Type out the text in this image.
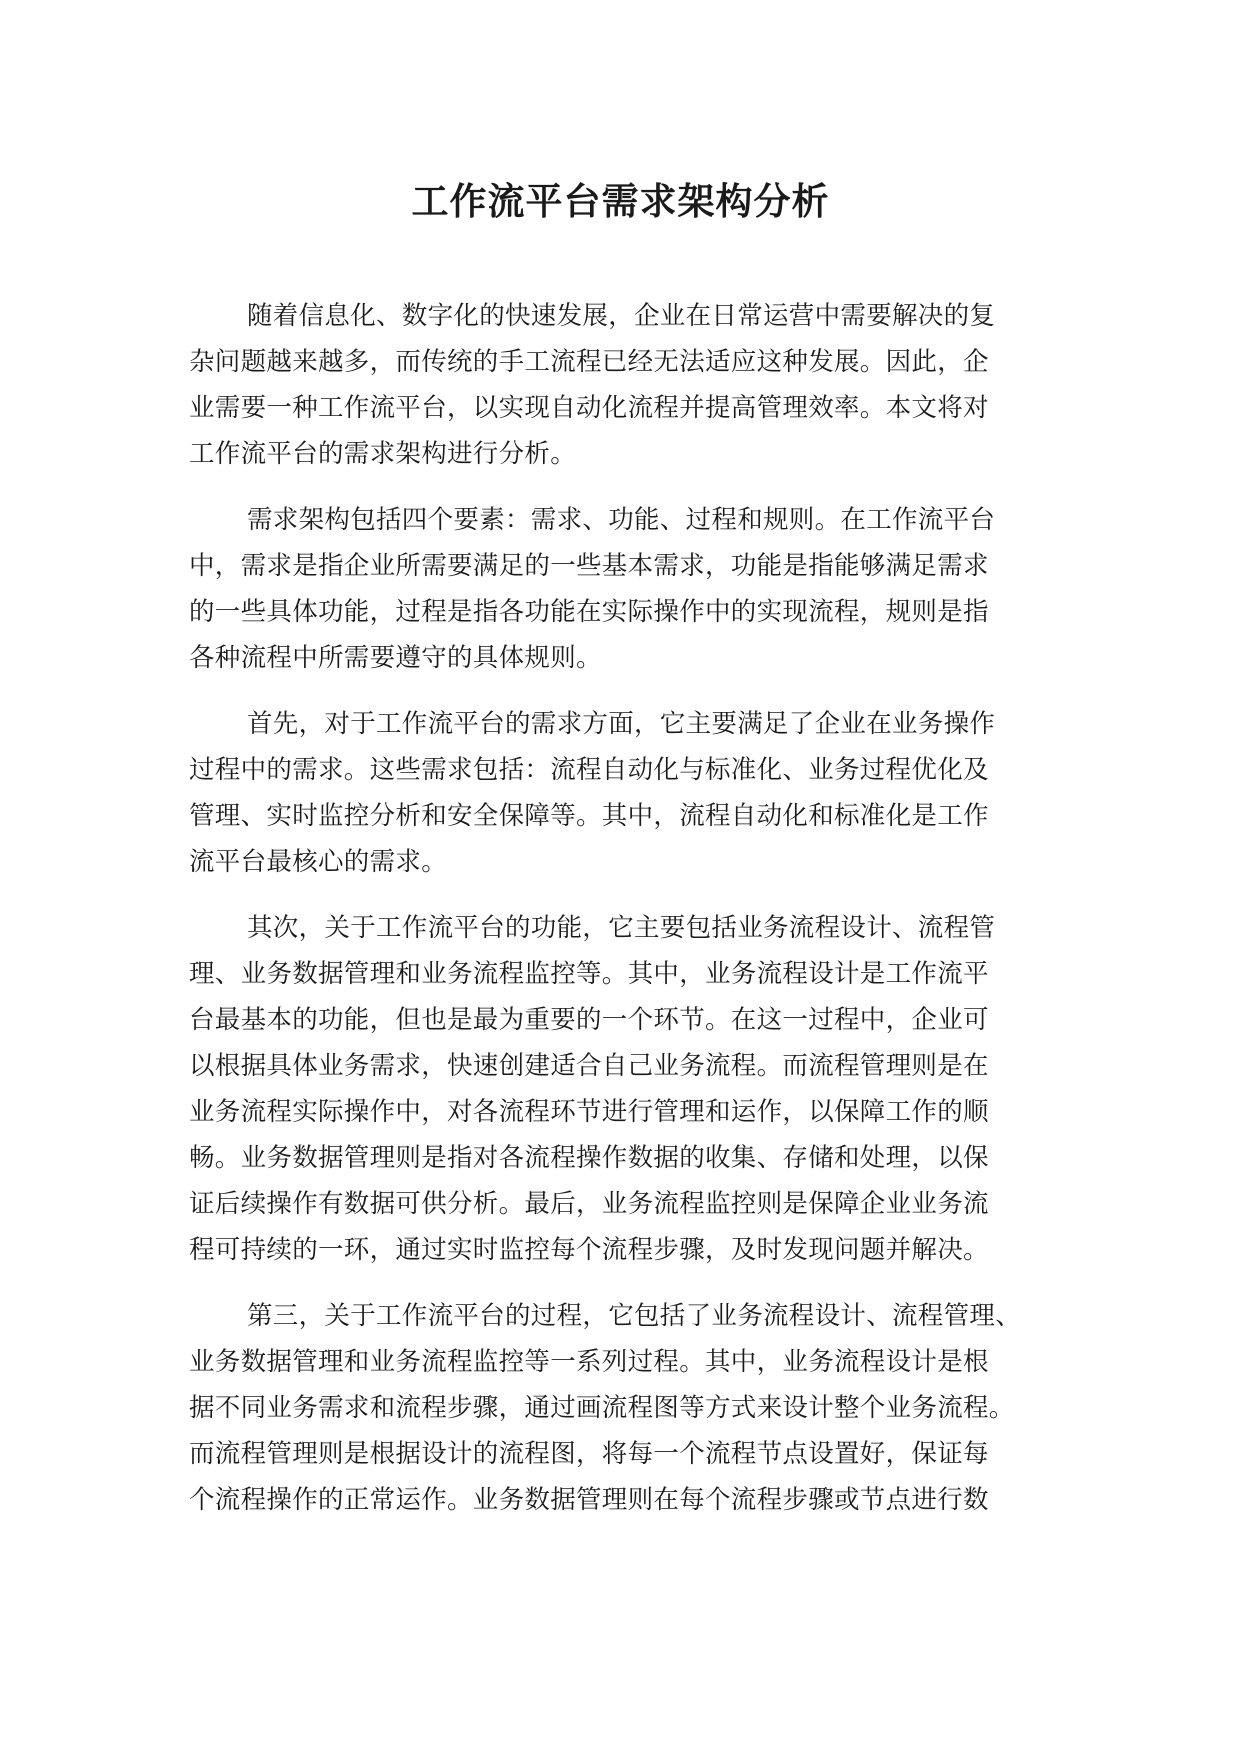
工作流平台需求架构分析

随着信息化、数字化的快速发展，企业在日常运营中需要解决的复
杂问题越来越多，而传统的手工流程已经无法适应这种发展。因此，企
业需要一种工作流平台，以实现自动化流程并提高管理效率。本文将对
工作流平台的需求架构进行分析。

需求架构包括四个要素：需求、功能、过程和规则。在工作流平台
中，需求是指企业所需要满足的一些基本需求，功能是指能够满足需求
的一些具体功能，过程是指各功能在实际操作中的实现流程，规则是指
各种流程中所需要遵守的具体规则。

首先，对于工作流平台的需求方面，它主要满足了企业在业务操作
过程中的需求。这些需求包括：流程自动化与标准化、业务过程优化及
管理、实时监控分析和安全保障等。其中，流程自动化和标准化是工作
流平台最核心的需求。

其次，关于工作流平台的功能，它主要包括业务流程设计、流程管
理、业务数据管理和业务流程监控等。其中，业务流程设计是工作流平
台最基本的功能，但也是最为重要的一个环节。在这一过程中，企业可
以根据具体业务需求，快速创建适合自己业务流程。而流程管理则是在
业务流程实际操作中，对各流程环节进行管理和运作，以保障工作的顺
畅。业务数据管理则是指对各流程操作数据的收集、存储和处理，以保
证后续操作有数据可供分析。最后，业务流程监控则是保障企业业务流
程可持续的一环，通过实时监控每个流程步骤，及时发现问题并解决。

第三，关于工作流平台的过程，它包括了业务流程设计、流程管理、
业务数据管理和业务流程监控等一系列过程。其中，业务流程设计是根
据不同业务需求和流程步骤，通过画流程图等方式来设计整个业务流程。
而流程管理则是根据设计的流程图，将每一个流程节点设置好，保证每
个流程操作的正常运作。业务数据管理则在每个流程步骤或节点进行数
